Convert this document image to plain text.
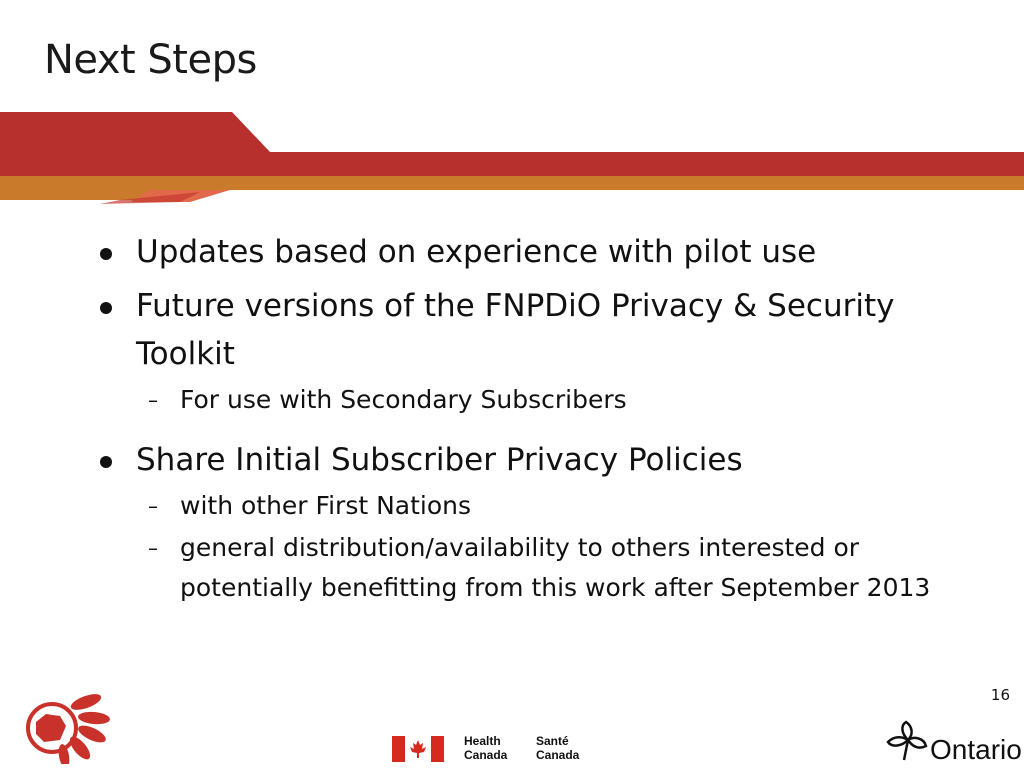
Next Steps
Updates based on experience with pilot use
Future versions of the FNPDiO Privacy & Security Toolkit
– For use with Secondary Subscribers
Share Initial Subscriber Privacy Policies
– with other First Nations
– general distribution/availability to others interested or potentially benefitting from this work after September 2013
16
Health
Canada
Santé
Canada	Ontario
